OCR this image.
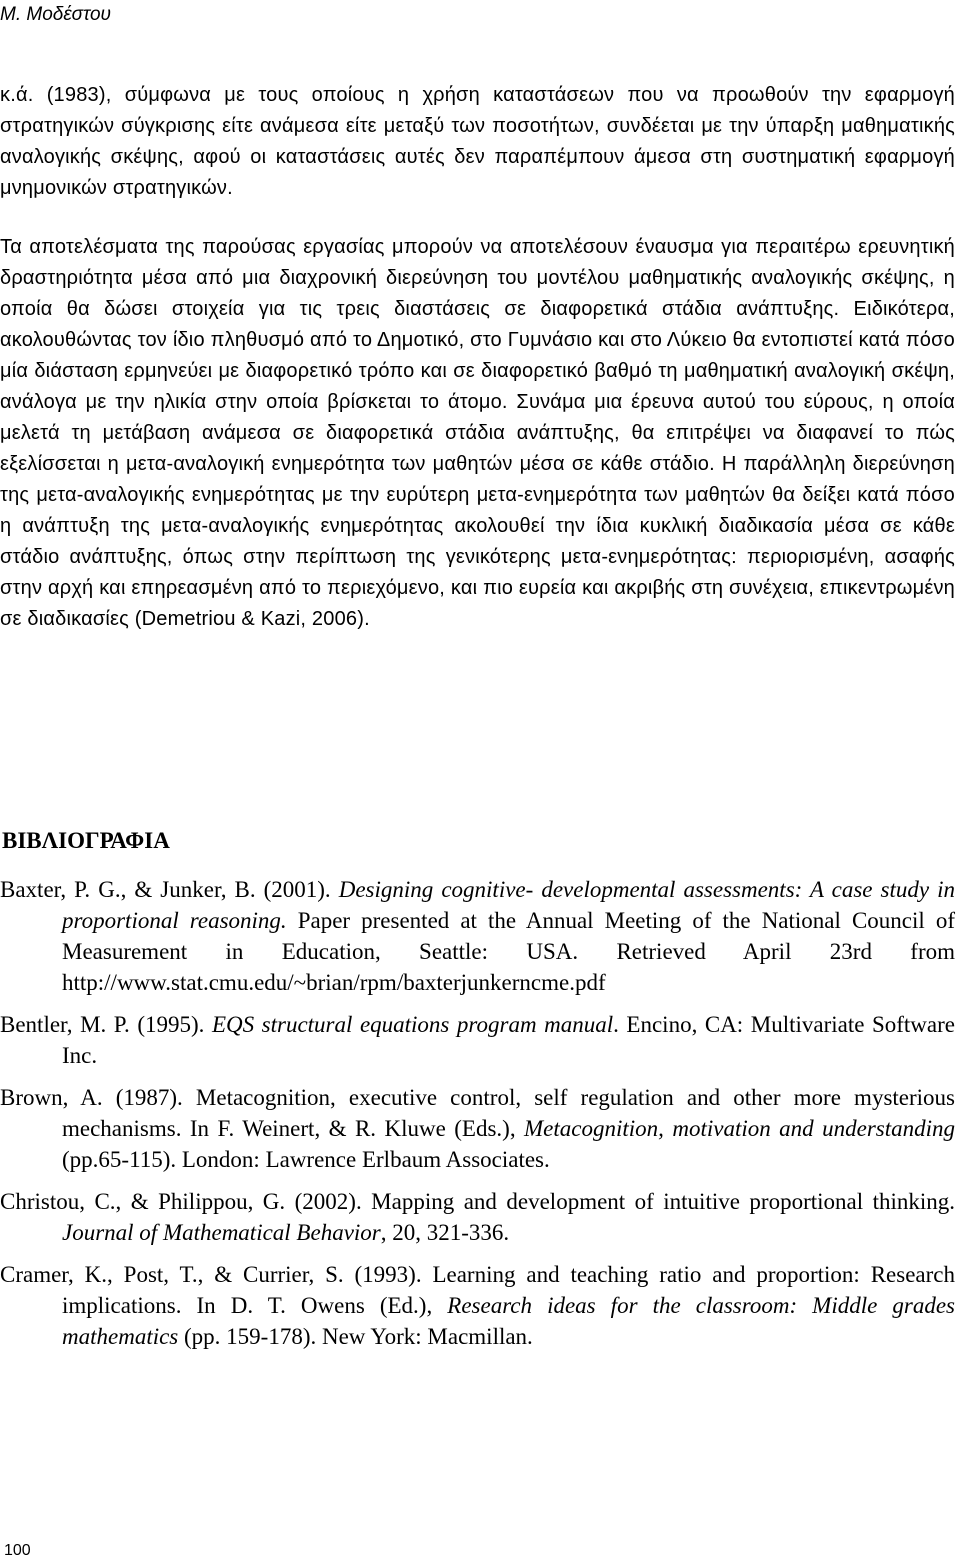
Μ. Μοδέστου
κ.ά. (1983), σύμφωνα με τους οποίους η χρήση καταστάσεων που να προωθούν την εφαρμογή στρατηγικών σύγκρισης είτε ανάμεσα είτε μεταξύ των ποσοτήτων, συνδέεται με την ύπαρξη μαθηματικής αναλογικής σκέψης, αφού οι καταστάσεις αυτές δεν παραπέμπουν άμεσα στη συστηματική εφαρμογή μνημονικών στρατηγικών.
Τα αποτελέσματα της παρούσας εργασίας μπορούν να αποτελέσουν έναυσμα για περαιτέρω ερευνητική δραστηριότητα μέσα από μια διαχρονική διερεύνηση του μοντέλου μαθηματικής αναλογικής σκέψης, η οποία θα δώσει στοιχεία για τις τρεις διαστάσεις σε διαφορετικά στάδια ανάπτυξης. Ειδικότερα, ακολουθώντας τον ίδιο πληθυσμό από το Δημοτικό, στο Γυμνάσιο και στο Λύκειο θα εντοπιστεί κατά πόσο μία διάσταση ερμηνεύει με διαφορετικό τρόπο και σε διαφορετικό βαθμό τη μαθηματική αναλογική σκέψη, ανάλογα με την ηλικία στην οποία βρίσκεται το άτομο. Συνάμα μια έρευνα αυτού του εύρους, η οποία μελετά τη μετάβαση ανάμεσα σε διαφορετικά στάδια ανάπτυξης, θα επιτρέψει να διαφανεί το πώς εξελίσσεται η μετα-αναλογική ενημερότητα των μαθητών μέσα σε κάθε στάδιο. Η παράλληλη διερεύνηση της μετα-αναλογικής ενημερότητας με την ευρύτερη μετα-ενημερότητα των μαθητών θα δείξει κατά πόσο η ανάπτυξη της μετα-αναλογικής ενημερότητας ακολουθεί την ίδια κυκλική διαδικασία μέσα σε κάθε στάδιο ανάπτυξης, όπως στην περίπτωση της γενικότερης μετα-ενημερότητας: περιορισμένη, ασαφής στην αρχή και επηρεασμένη από το περιεχόμενο, και πιο ευρεία και ακριβής στη συνέχεια, επικεντρωμένη σε διαδικασίες (Demetriou & Kazi, 2006).
ΒΙΒΛΙΟΓΡΑΦΙΑ
Baxter, P. G., & Junker, B. (2001). Designing cognitive- developmental assessments: A case study in proportional reasoning. Paper presented at the Annual Meeting of the National Council of Measurement in Education, Seattle: USA. Retrieved April 23rd from http://www.stat.cmu.edu/~brian/rpm/baxterjunkerncme.pdf
Bentler, M. P. (1995). EQS structural equations program manual. Encino, CA: Multivariate Software Inc.
Brown, A. (1987). Metacognition, executive control, self regulation and other more mysterious mechanisms. In F. Weinert, & R. Kluwe (Eds.), Metacognition, motivation and understanding (pp.65-115). London: Lawrence Erlbaum Associates.
Christou, C., & Philippou, G. (2002). Mapping and development of intuitive proportional thinking. Journal of Mathematical Behavior, 20, 321-336.
Cramer, K., Post, T., & Currier, S. (1993). Learning and teaching ratio and proportion: Research implications. In D. T. Owens (Ed.), Research ideas for the classroom: Middle grades mathematics (pp. 159-178). New York: Macmillan.
100
